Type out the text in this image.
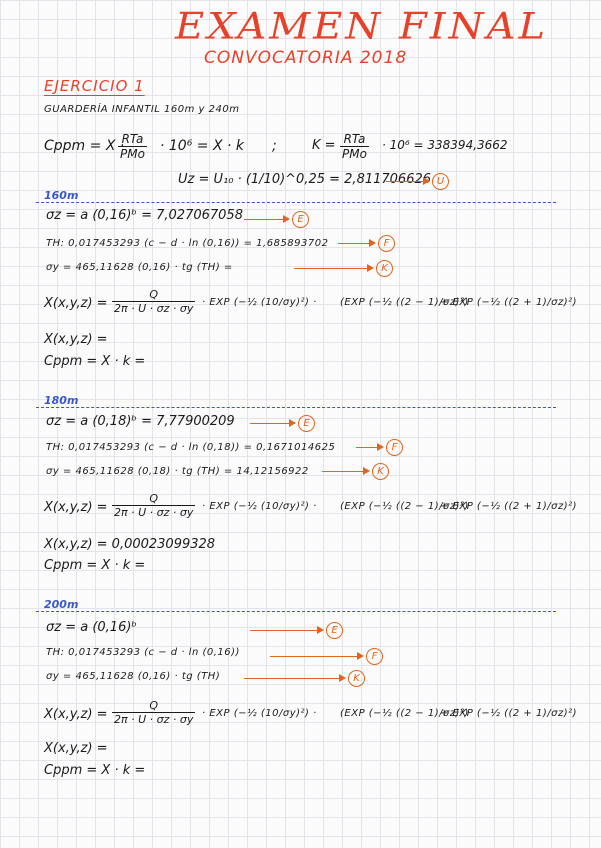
EXAMEN FINAL
CONVOCATORIA 2018
EJERCICIO 1
GUARDERÍA INFANTIL 160m y 240m
Cppm = X ·
RTa
PMo · 10⁶ = X · k ;	K = RTa
PMo
· 10⁶ = 338394,3662
Uz = U₁₀ · (1/10)^0,25 = 2,811706626 U
160m
σz = a (0,16)ᵇ = 7,027067058	E
TH: 0,017453293 (c − d · ln (0,16)) = 1,685893702	F
σy = 465,11628 (0,16) · tg (TH) =	K
$X(x,y,z) = \frac{Q}{2\pi \cdot U \cdot \sigma z \cdot \sigma y}$ · EXP (−½ (10/σy)²) · (EXP (−½ ((2 − 1)/σz)²)
+ EXP (−½ ((2 + 1)/σz)²)
X(x,y,z) =
Cppm = X · k =
180m
σz = a (0,18)ᵇ = 7,77900209	E
TH: 0,017453293 (c − d · ln (0,18)) = 0,1671014625	F
σy = 465,11628 (0,18) · tg (TH) = 14,12156922	K
$X(x,y,z) = \frac{Q}{2\pi \cdot U \cdot \sigma z \cdot \sigma y}$ · EXP (−½ (10/σy)²) · (EXP (−½ ((2 − 1)/σz)²)
+ EXP (−½ ((2 + 1)/σz)²)
X(x,y,z) = 0,00023099328
Cppm = X · k =
200m
σz = a (0,16)ᵇ	E
TH: 0,017453293 (c − d · ln (0,16))	F
σy = 465,11628 (0,16) · tg (TH)	K
$X(x,y,z) = \frac{Q}{2\pi \cdot U \cdot \sigma z \cdot \sigma y}$ · EXP (−½ (10/σy)²) · (EXP (−½ ((2 − 1)/σz)²)
+ EXP (−½ ((2 + 1)/σz)²)
X(x,y,z) =
Cppm = X · k =
